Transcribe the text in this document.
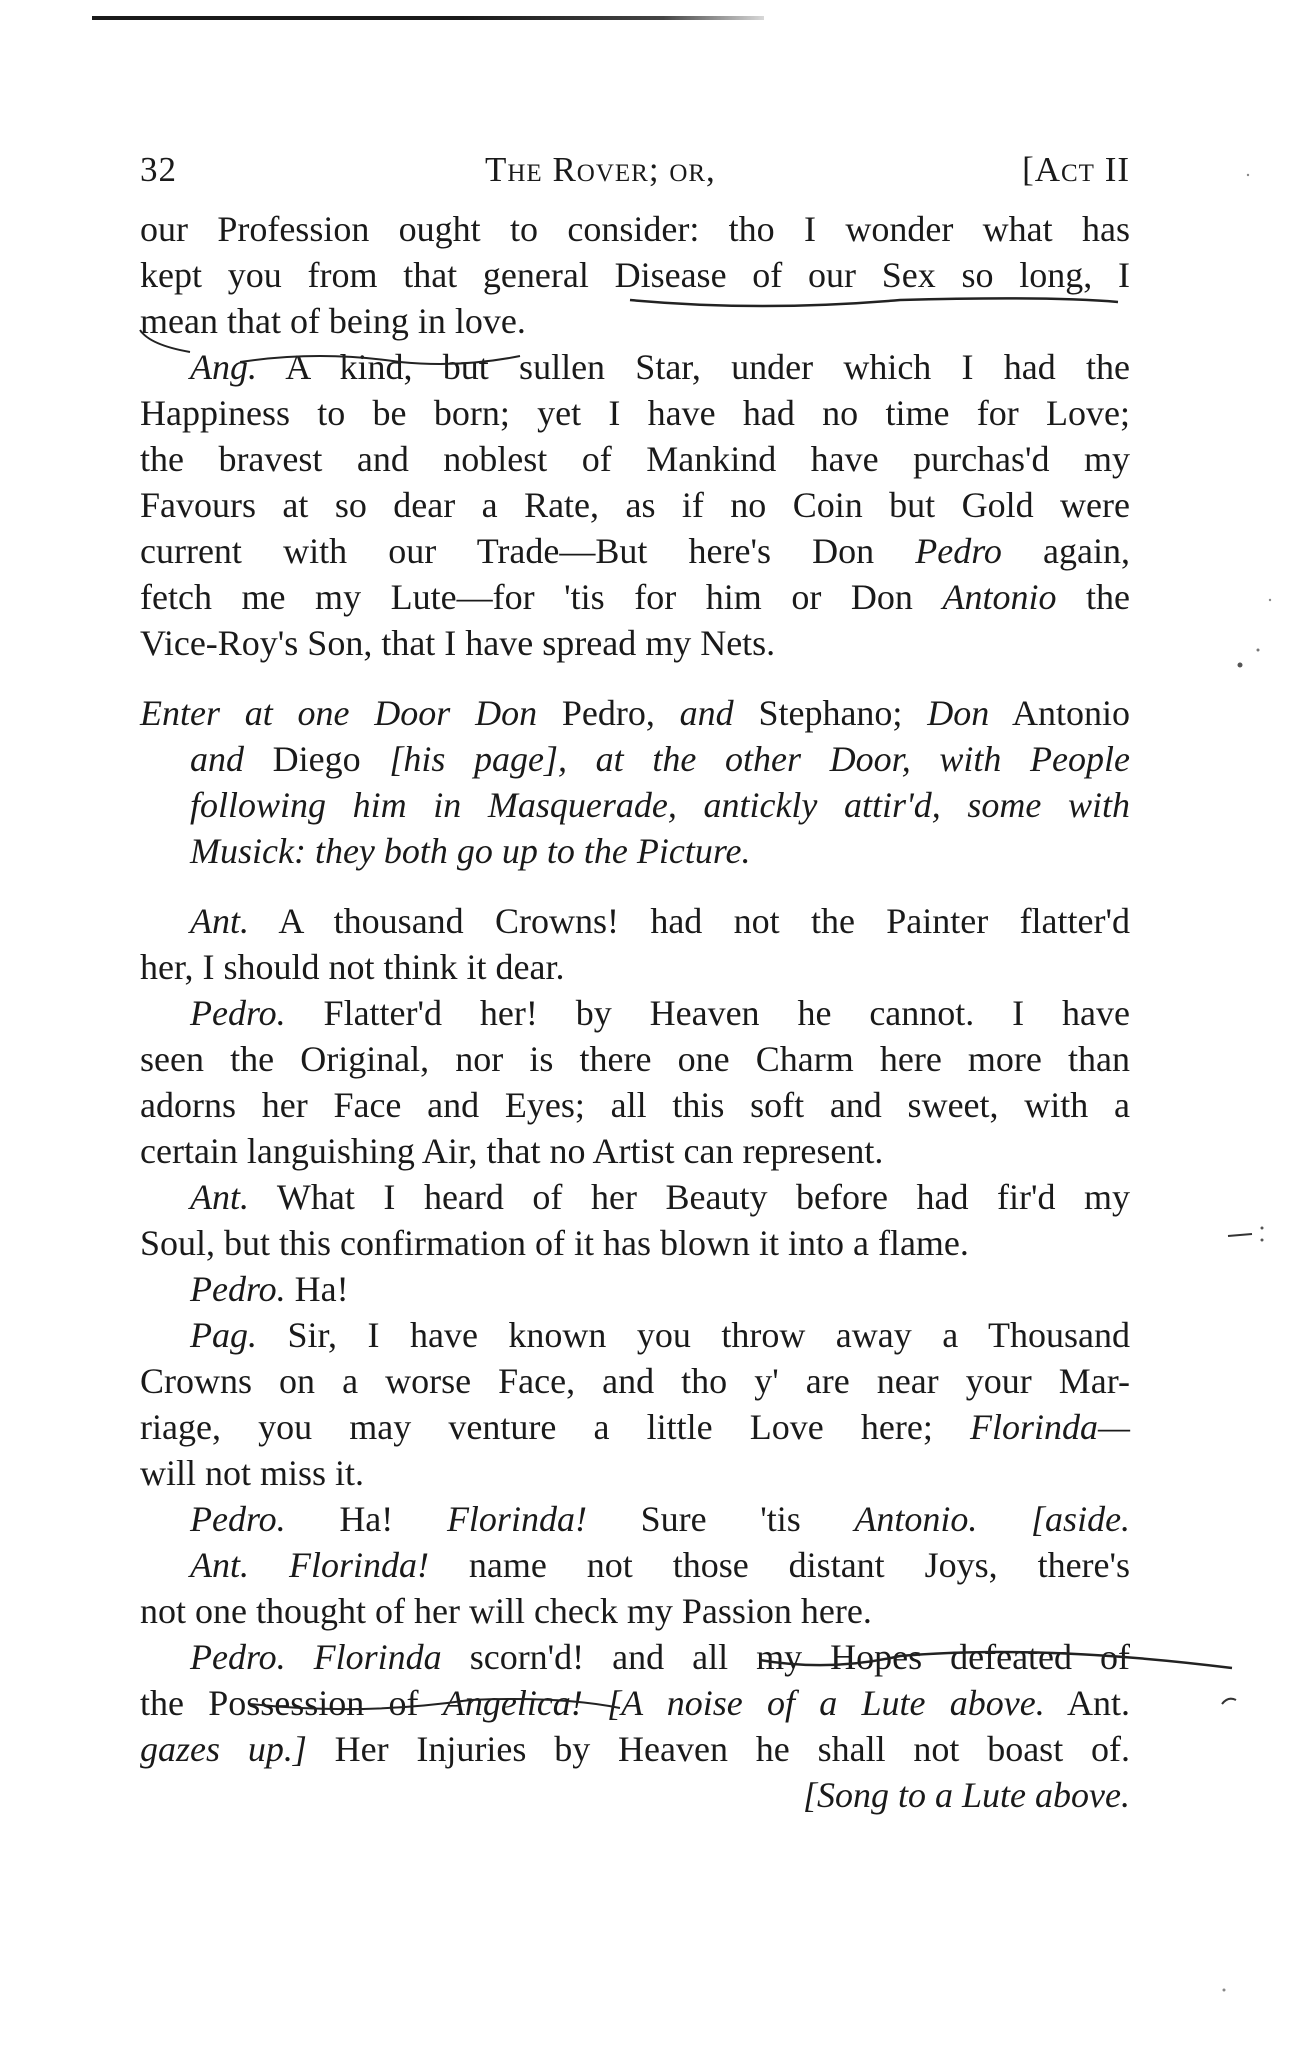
32	The Rover; or,	[Act II
our Profession ought to consider: tho I wonder what has
kept you from that general Disease of our Sex so long, I
mean that of being in love.
Ang. A kind, but sullen Star, under which I had the
Happiness to be born; yet I have had no time for Love;
the bravest and noblest of Mankind have purchas'd my
Favours at so dear a Rate, as if no Coin but Gold were
current with our Trade—But here's Don Pedro again,
fetch me my Lute—for 'tis for him or Don Antonio the
Vice-Roy's Son, that I have spread my Nets.
Enter at one Door Don Pedro, and Stephano; Don Antonio
and Diego [his page], at the other Door, with People
following him in Masquerade, antickly attir'd, some with
Musick: they both go up to the Picture.
Ant. A thousand Crowns! had not the Painter flatter'd
her, I should not think it dear.
Pedro. Flatter'd her! by Heaven he cannot. I have
seen the Original, nor is there one Charm here more than
adorns her Face and Eyes; all this soft and sweet, with a
certain languishing Air, that no Artist can represent.
Ant. What I heard of her Beauty before had fir'd my
Soul, but this confirmation of it has blown it into a flame.
Pedro. Ha!
Pag. Sir, I have known you throw away a Thousand
Crowns on a worse Face, and tho y' are near your Mar-
riage, you may venture a little Love here; Florinda—
will not miss it.
Pedro. Ha! Florinda! Sure 'tis Antonio. [aside.
Ant. Florinda! name not those distant Joys, there's
not one thought of her will check my Passion here.
Pedro. Florinda scorn'd! and all my Hopes defeated of
the Possession of Angelica! [A noise of a Lute above. Ant.
gazes up.] Her Injuries by Heaven he shall not boast of.
[Song to a Lute above.
